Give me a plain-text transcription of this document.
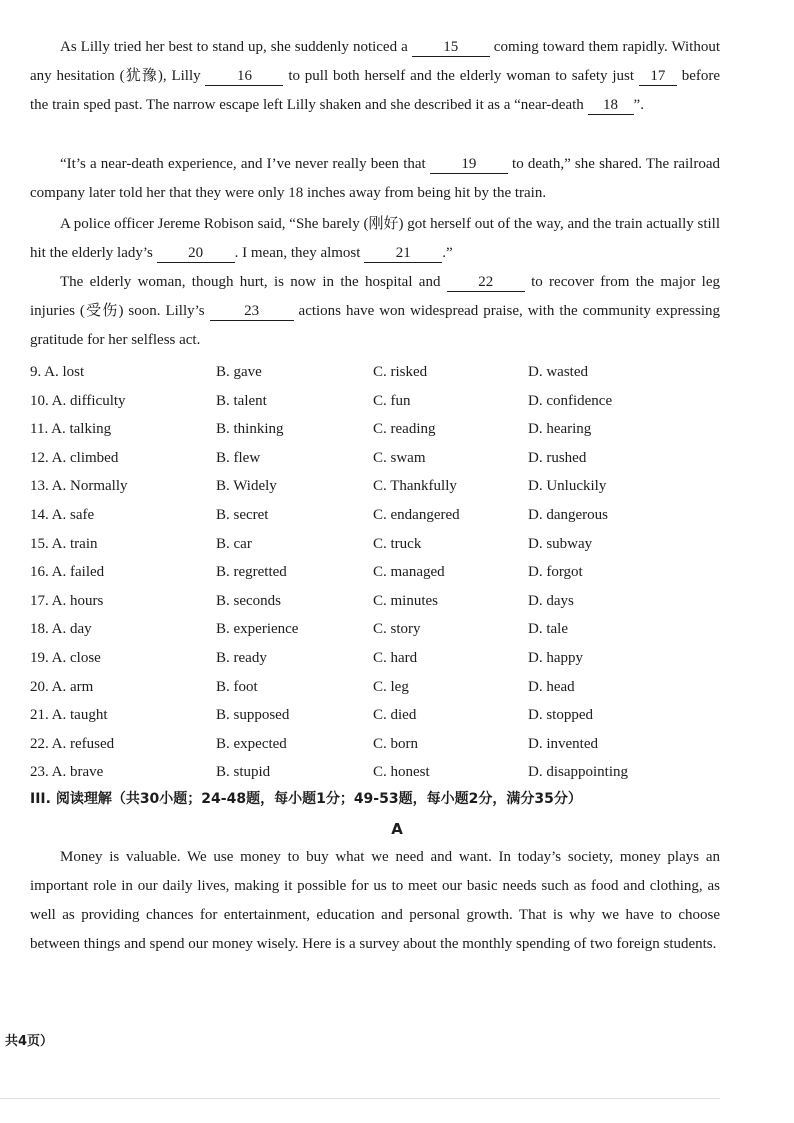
As Lilly tried her best to stand up, she suddenly noticed a 15 coming toward them rapidly. Without any hesitation (犹豫), Lilly 16 to pull both herself and the elderly woman to safety just 17 before the train sped past. The narrow escape left Lilly shaken and she described it as a “near-death 18 ”.

“It’s a near-death experience, and I’ve never really been that 19 to death,” she shared. The railroad company later told her that they were only 18 inches away from being hit by the train.

A police officer Jereme Robison said, “She barely (刚好) got herself out of the way, and the train actually still hit the elderly lady’s 20 . I mean, they almost 21 .”

The elderly woman, though hurt, is now in the hospital and	22	to recover from the major leg injuries (受伤) soon. Lilly’s	23	actions have won widespread praise, with the community expressing gratitude for her selfless act.

9. A. lost	B. gave	C. risked	D. wasted
10. A. difficulty	B. talent	C. fun	D. confidence
11. A. talking	B. thinking	C. reading	D. hearing
12. A. climbed	B. flew	C. swam	D. rushed
13. A. Normally	B. Widely	C. Thankfully	D. Unluckily
14. A. safe	B. secret	C. endangered	D. dangerous
15. A. train	B. car	C. truck	D. subway
16. A. failed	B. regretted	C. managed	D. forgot
17. A. hours	B. seconds	C. minutes	D. days
18. A. day	B. experience	C. story	D. tale
19. A. close	B. ready	C. hard	D. happy
20. A. arm	B. foot	C. leg	D. head
21. A. taught	B. supposed	C. died	D. stopped
22. A. refused	B. expected	C. born	D. invented
23. A. brave	B. stupid	C. honest	D. disappointing
III. 阅读理解（共30小题；24-48题，每小题1分；49-53题，每小题2分，满分35分）
A

Money is valuable. We use money to buy what we need and want. In today’s society, money plays an important role in our daily lives, making it possible for us to meet our basic needs such as food and clothing, as well as providing chances for entertainment, education and personal growth. That is why we have to choose between things and spend our money wisely. Here is a survey about the monthly spending of two foreign students.

共4页）
